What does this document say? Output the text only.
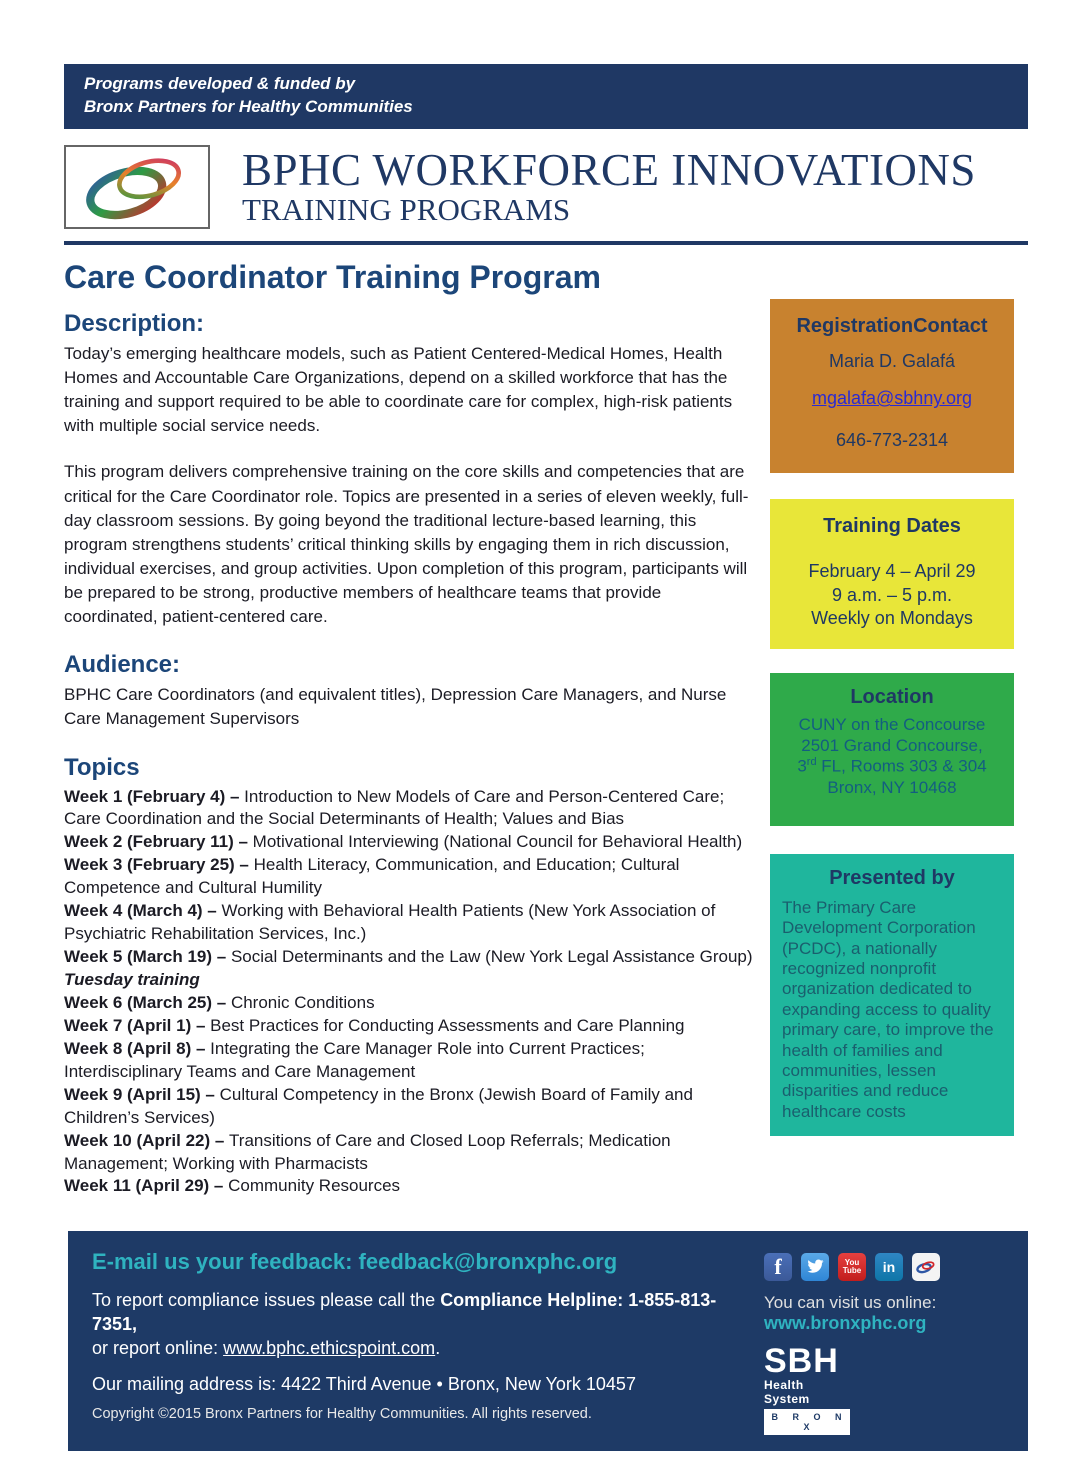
Programs developed & funded by
Bronx Partners for Healthy Communities
BPHC WORKFORCE INNOVATIONS
TRAINING PROGRAMS
Care Coordinator Training Program
Description:

Today’s emerging healthcare models, such as Patient Centered-Medical Homes, Health Homes and Accountable Care Organizations, depend on a skilled workforce that has the training and support required to be able to coordinate care for complex, high-risk patients with multiple social service needs.

This program delivers comprehensive training on the core skills and competencies that are critical for the Care Coordinator role. Topics are presented in a series of eleven weekly, full-day classroom sessions. By going beyond the traditional lecture-based learning, this program strengthens students’ critical thinking skills by engaging them in rich discussion, individual exercises, and group activities. Upon completion of this program, participants will be prepared to be strong, productive members of healthcare teams that provide coordinated, patient-centered care.

Audience:

BPHC Care Coordinators (and equivalent titles), Depression Care Managers, and Nurse Care Management Supervisors

Topics

Week 1 (February 4) – Introduction to New Models of Care and Person-Centered Care; Care Coordination and the Social Determinants of Health; Values and Bias

Week 2 (February 11) – Motivational Interviewing (National Council for Behavioral Health)

Week 3 (February 25) – Health Literacy, Communication, and Education; Cultural Competence and Cultural Humility

Week 4 (March 4) – Working with Behavioral Health Patients (New York Association of Psychiatric Rehabilitation Services, Inc.)

Week 5 (March 19) – Social Determinants and the Law (New York Legal Assistance Group)

Tuesday training

Week 6 (March 25) – Chronic Conditions

Week 7 (April 1) – Best Practices for Conducting Assessments and Care Planning

Week 8 (April 8) – Integrating the Care Manager Role into Current Practices; Interdisciplinary Teams and Care Management

Week 9 (April 15) – Cultural Competency in the Bronx (Jewish Board of Family and Children’s Services)

Week 10 (April 22) – Transitions of Care and Closed Loop Referrals; Medication Management; Working with Pharmacists

Week 11 (April 29) – Community Resources

RegistrationContact
Maria D. Galafá
mgalafa@sbhny.org
646-773-2314
Training Dates
February 4 – April 29
9 a.m. – 5 p.m.
Weekly on Mondays
Location
CUNY on the Concourse
2501 Grand Concourse,
3rd FL, Rooms 303 & 304
Bronx, NY 10468
Presented by
The Primary Care Development Corporation (PCDC), a nationally recognized nonprofit organization dedicated to expanding access to quality primary care, to improve the health of families and communities, lessen disparities and reduce healthcare costs
E-mail us your feedback: feedback@bronxphc.org
To report compliance issues please call the Compliance Helpline: 1-855-813-7351,
or report online: www.bphc.ethicspoint.com.
Our mailing address is: 4422 Third Avenue • Bronx, New York 10457
Copyright ©2015 Bronx Partners for Healthy Communities. All rights reserved.
f	You
Tube in
You can visit us online:
www.bronxphc.org
SBH
Health System
B R O N X
